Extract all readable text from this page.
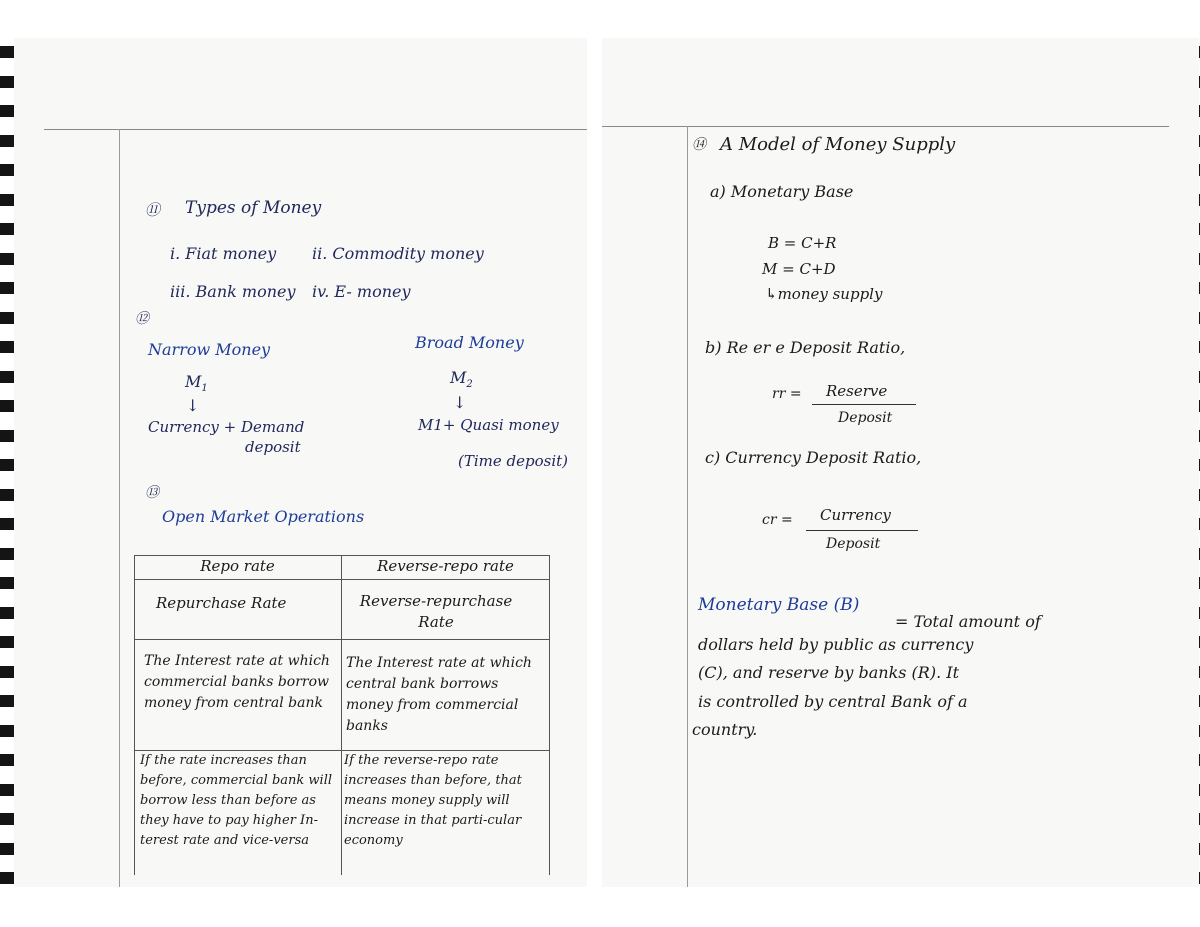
⑪ Types of Money
i. Fiat money ii. Commodity money
iii. Bank money iv. E- money
⑫
Narrow Money
$M_1$
↓
Currency + Demand
deposit
Broad Money
$M_2$
↓
M1+ Quasi money
(Time deposit)
⑬
Open Market Operations
Repo rate	Reverse-repo rate
Repurchase Rate	Reverse-repurchase Rate
The Interest rate at which commercial banks borrow money from central bank
The Interest rate at which central bank borrows money from commercial banks
If the rate increases than before, commercial bank will borrow less than before as they have to pay higher In-terest rate and vice-versa
If the reverse-repo rate increases than before, that means money supply will increase in that parti-cular economy
⑭ A Model of Money Supply
a) Monetary Base
B = C+R
M = C+D
↳money supply
b) Re er e Deposit Ratio,
rr = Reserve
Deposit
c) Currency Deposit Ratio,
cr = Currency
Deposit
Monetary Base (B)
= Total amount of
dollars held by public as currency
(C), and reserve by banks (R). It
is controlled by central Bank of a
country.
